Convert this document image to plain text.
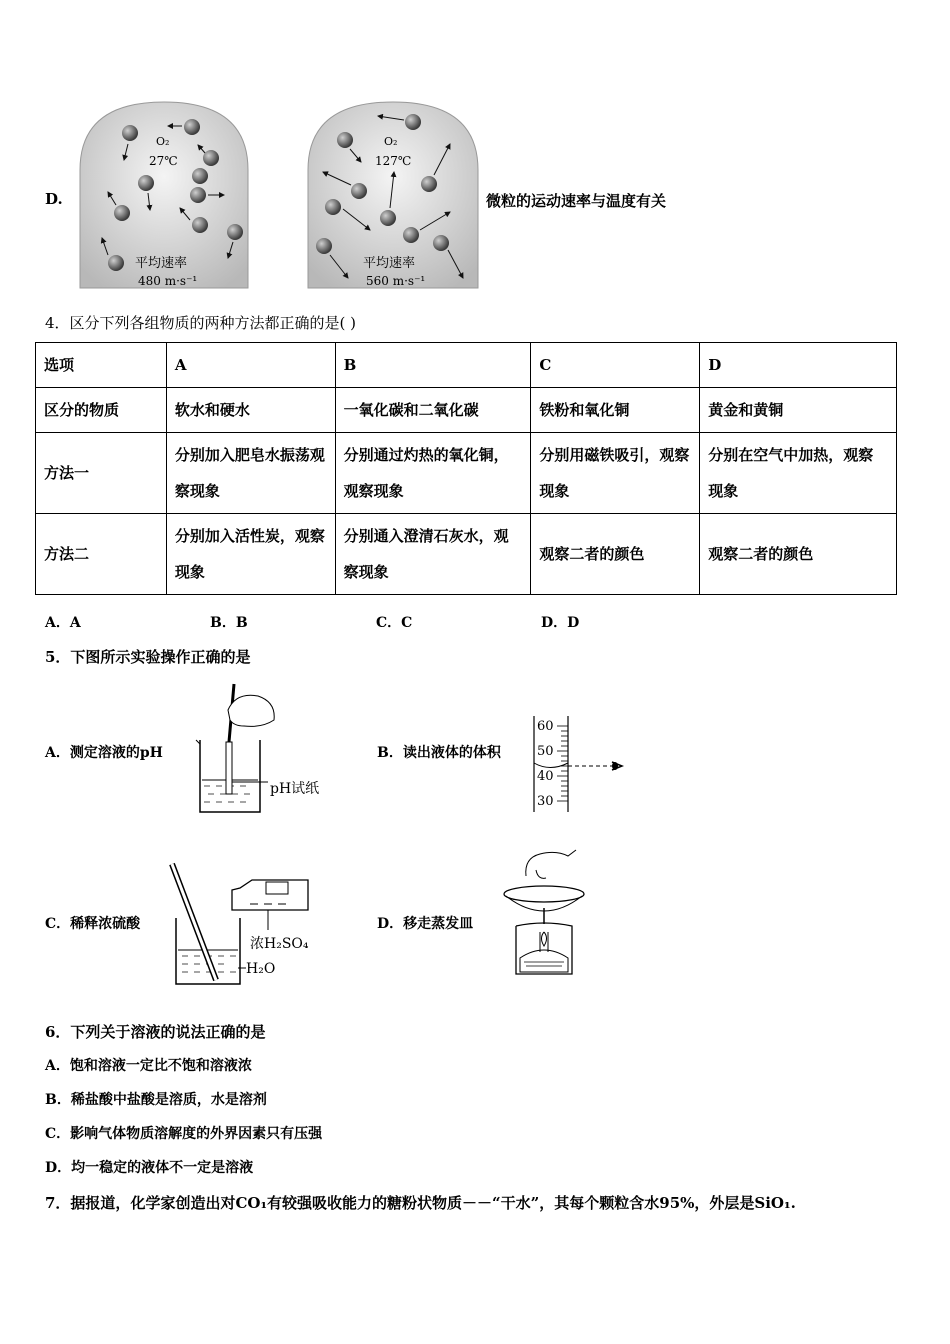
D.
O₂
27℃
平均速率
480 m·s⁻¹
O₂
127℃
平均速率
560 m·s⁻¹
微粒的运动速率与温度有关
4．区分下列各组物质的两种方法都正确的是( )
选项	A	B	C	D
区分的物质	软水和硬水	一氧化碳和二氧化碳	铁粉和氧化铜	黄金和黄铜
方法一	分别加入肥皂水振荡观察现象	分别通过灼热的氧化铜，观察现象	分别用磁铁吸引，观察现象	分别在空气中加热，观察现象
方法二	分别加入活性炭，观察现象	分别通入澄清石灰水，观察现象	观察二者的颜色	观察二者的颜色
A．A	B．B	C．C	D．D
5．下图所示实验操作正确的是
A．测定溶液的pH
pH试纸
B．读出液体的体积
60
50
40
30
C．稀释浓硫酸
浓H₂SO₄
H₂O
D．移走蒸发皿
6．下列关于溶液的说法正确的是
A．饱和溶液一定比不饱和溶液浓
B．稀盐酸中盐酸是溶质，水是溶剂
C．影响气体物质溶解度的外界因素只有压强
D．均一稳定的液体不一定是溶液
7．据报道，化学家创造出对CO₁有较强吸收能力的糖粉状物质－－“干水”，其每个颗粒含水95%，外层是SiO₁.
